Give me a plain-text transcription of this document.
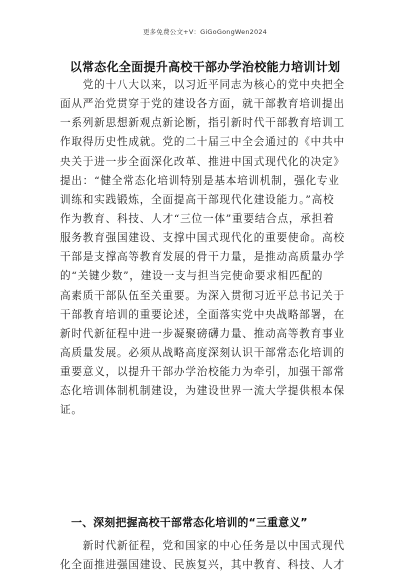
更多免费公文+V：GiGoGongWen2024
以常态化全面提升高校干部办学治校能力培训计划
　　党的十八大以来，以习近平同志为核心的党中央把全
面从严治党贯穿于党的建设各方面，就干部教育培训提出
一系列新思想新观点新论断，指引新时代干部教育培训工
作取得历史性成就。党的二十届三中全会通过的《中共中
央关于进一步全面深化改革、推进中国式现代化的决定》
提出：“健全常态化培训特别是基本培训机制，强化专业
训练和实践锻炼，全面提高干部现代化建设能力。”高校
作为教育、科技、人才“三位一体”重要结合点，承担着
服务教育强国建设、支撑中国式现代化的重要使命。高校
干部是支撑高等教育发展的骨干力量，是推动高质量办学
的“关键少数”，建设一支与担当完使命要求相匹配的
高素质干部队伍至关重要。为深入贯彻习近平总书记关于
干部教育培训的重要论述，全面落实党中央战略部署，在
新时代新征程中进一步凝聚磅礴力量、推动高等教育事业
高质量发展。必须从战略高度深刻认识干部常态化培训的
重要意义，以提升干部办学治校能力为牵引，加强干部常
态化培训体制机制建设，为建设世界一流大学提供根本保
证。
　一、深刻把握高校干部常态化培训的“三重意义”
　　新时代新征程，党和国家的中心任务是以中国式现代
化全面推进强国建设、民族复兴，其中教育、科技、人才
